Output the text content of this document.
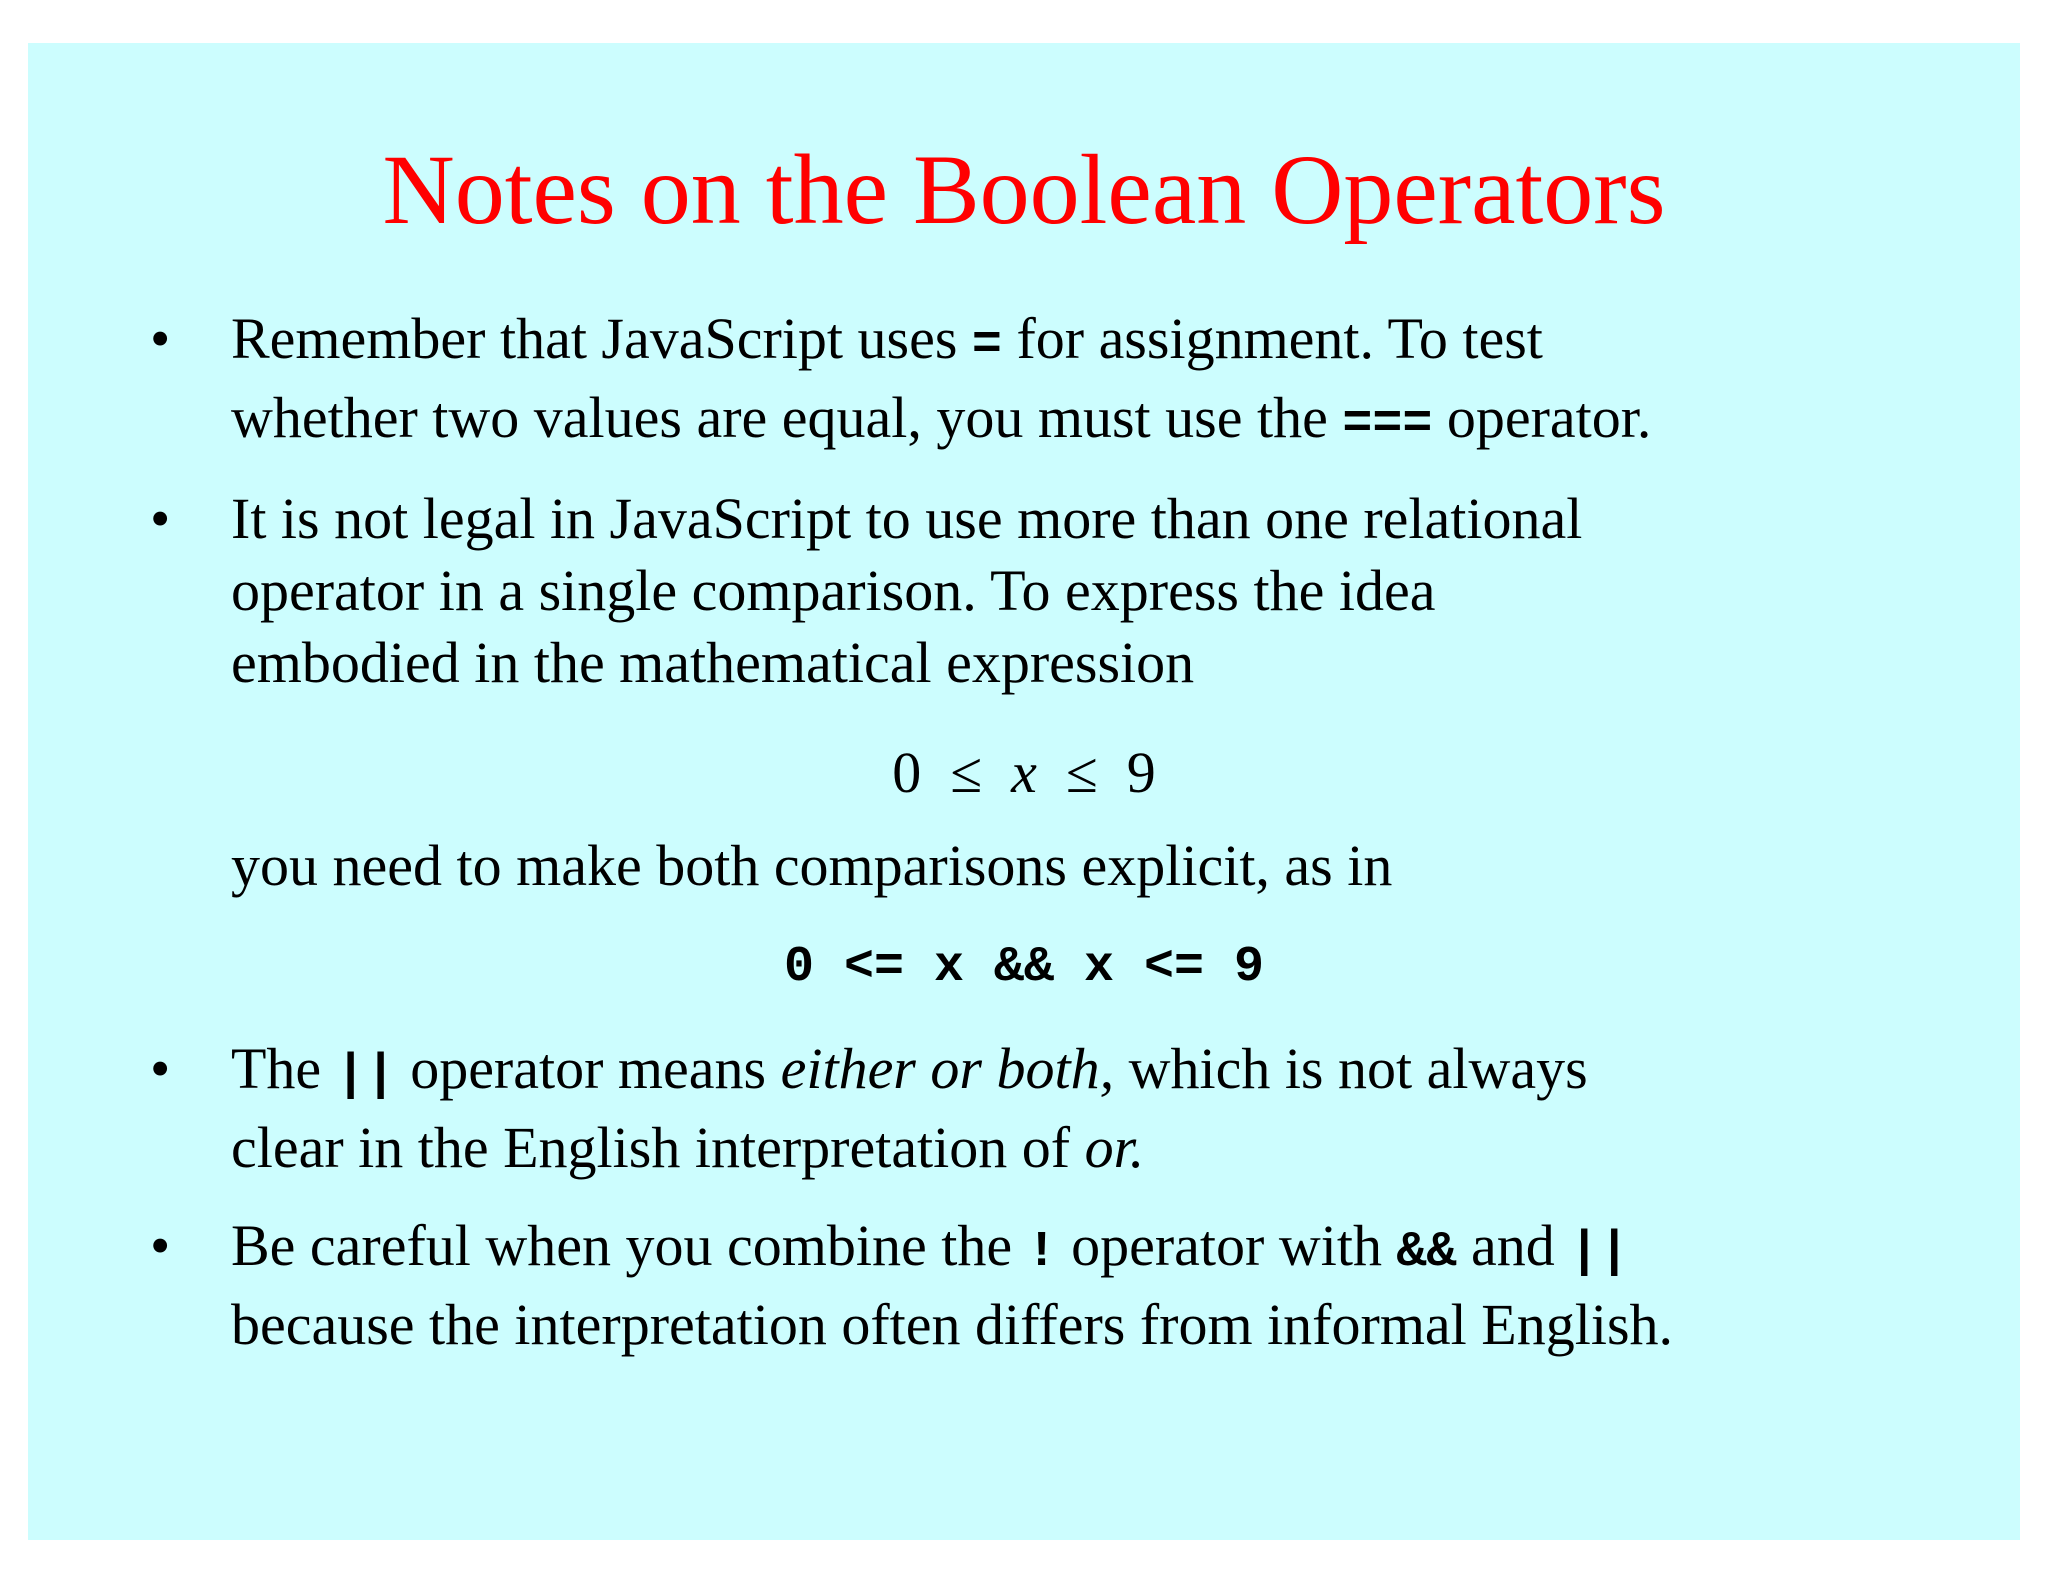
Notes on the Boolean Operators
• Remember that JavaScript uses = for assignment. To test
whether two values are equal, you must use the === operator.

• It is not legal in JavaScript to use more than one relational
operator in a single comparison. To express the idea
embodied in the mathematical expression

0 ≤ x ≤ 9

you need to make both comparisons explicit, as in

0 <= x && x <= 9
• The || operator means either or both, which is not always
clear in the English interpretation of or.

• Be careful when you combine the ! operator with && and ||
because the interpretation often differs from informal English.
